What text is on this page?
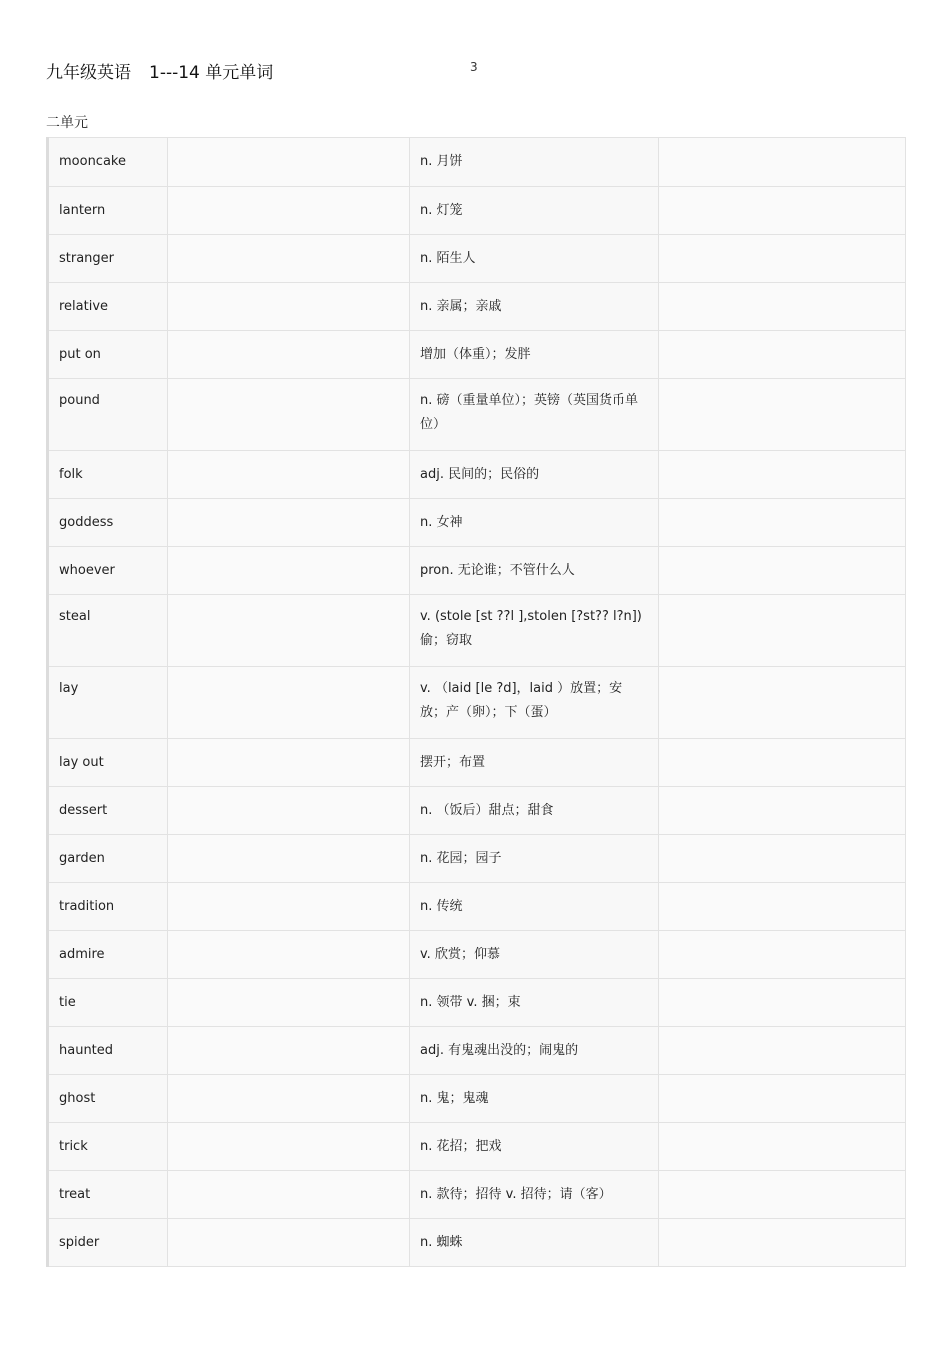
九年级英语 1---14 单元单词	3
二单元
mooncake		n. 月饼	
lantern		n. 灯笼	
stranger		n. 陌生人	
relative		n. 亲属；亲戚	
put on		增加（体重）；发胖	
pound		n. 磅（重量单位）；英镑（英国货币单位）	
folk		adj. 民间的；民俗的	
goddess		n. 女神	
whoever		pron. 无论谁；不管什么人	
steal		v. (stole [st ??l ],stolen [?st?? l?n]) 偷；窃取	
lay		v. （laid [le ?d]，laid ）放置；安放；产（卵）；下（蛋）	
lay out		摆开；布置	
dessert		n. （饭后）甜点；甜食	
garden		n. 花园；园子	
tradition		n. 传统	
admire		v. 欣赏；仰慕	
tie		n. 领带 v. 捆；束	
haunted		adj. 有鬼魂出没的；闹鬼的	
ghost		n. 鬼；鬼魂	
trick		n. 花招；把戏	
treat		n. 款待；招待 v. 招待；请（客）	
spider		n. 蜘蛛	
